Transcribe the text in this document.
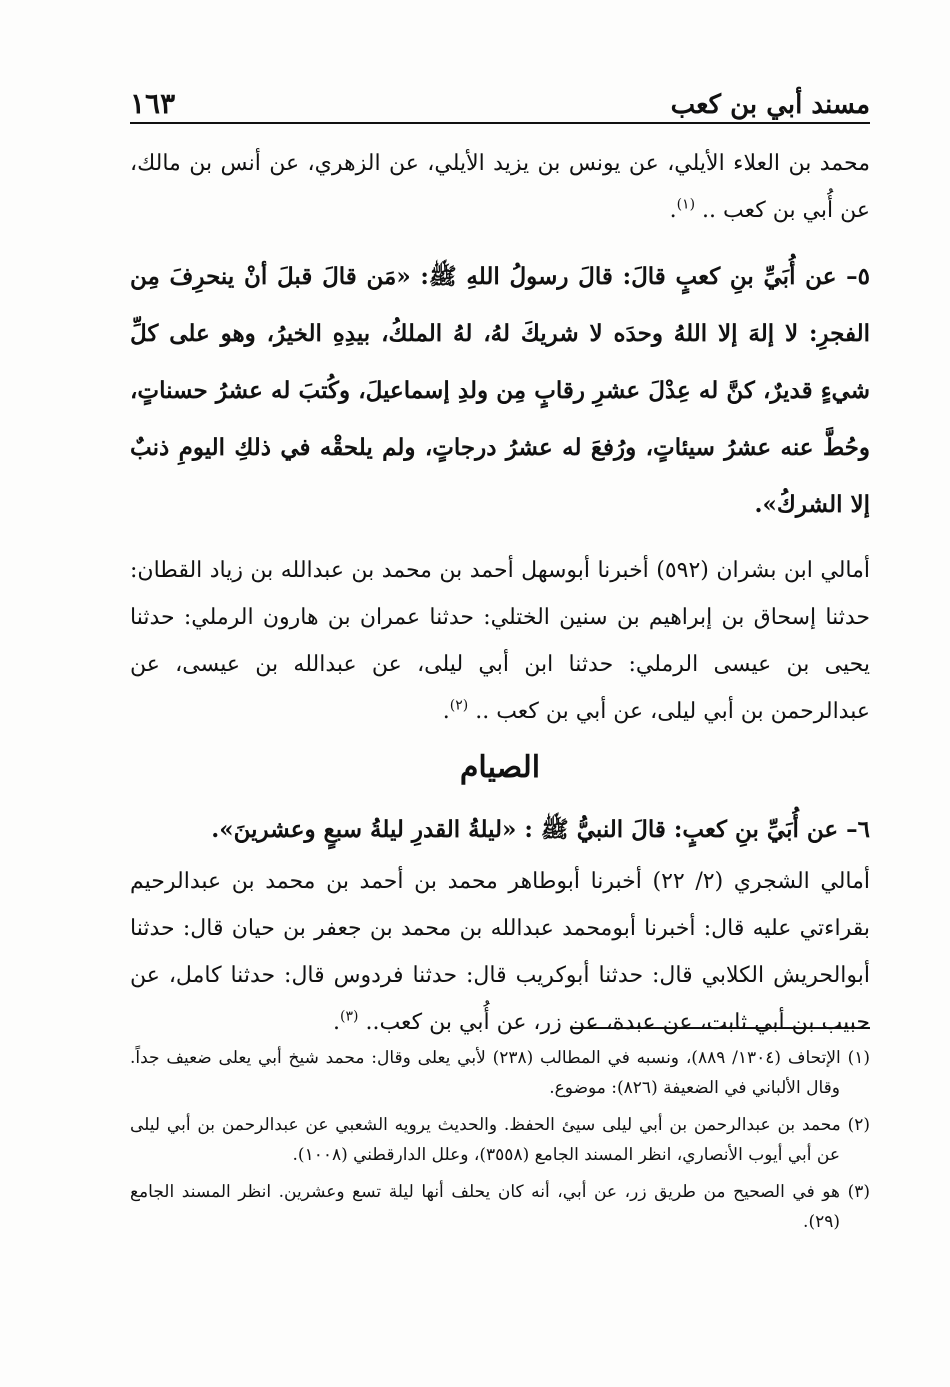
مسند أبي بن كعب
١٦٣

محمد بن العلاء الأيلي، عن يونس بن يزيد الأيلي، عن الزهري، عن أنس بن مالك، عن أُبي بن كعب .. $^{(١)}$.

٥– عن أُبَيِّ بنِ كعبٍ قالَ: قالَ رسولُ اللهِ ﷺ: «مَن قالَ قبلَ أنْ ينحرِفَ مِن الفجرِ: لا إلهَ إلا اللهُ وحدَه لا شريكَ لهُ، لهُ الملكُ، بيدِهِ الخيرُ، وهو على كلِّ شيءٍ قديرٌ، كنَّ له عِدْلَ عشرِ رقابٍ مِن ولدِ إسماعيلَ، وكُتبَ له عشرُ حسناتٍ، وحُطَّ عنه عشرُ سيئاتٍ، ورُفعَ له عشرُ درجاتٍ، ولم يلحقْه في ذلكِ اليومِ ذنبٌ إلا الشركُ».

أمالي ابن بشران (٥٩٢) أخبرنا أبوسهل أحمد بن محمد بن عبدالله بن زياد القطان: حدثنا إسحاق بن إبراهيم بن سنين الختلي: حدثنا عمران بن هارون الرملي: حدثنا يحيى بن عيسى الرملي: حدثنا ابن أبي ليلى، عن عبدالله بن عيسى، عن عبدالرحمن بن أبي ليلى، عن أبي بن كعب .. $^{(٢)}$.

الصيام

٦– عن أُبَيِّ بنِ كعبٍ: قالَ النبيُّ ﷺ : «ليلةُ القدرِ ليلةُ سبعٍ وعشرينَ».

أمالي الشجري (٢/ ٢٢) أخبرنا أبوطاهر محمد بن أحمد بن محمد بن عبدالرحيم بقراءتي عليه قال: أخبرنا أبومحمد عبدالله بن محمد بن جعفر بن حيان قال: حدثنا أبوالحريش الكلابي قال: حدثنا أبوكريب قال: حدثنا فردوس قال: حدثنا كامل، عن حبيب بن أبي ثابت، عن عبدة، عن زر، عن أُبي بن كعب.. $^{(٣)}$.

(١) الإتحاف (١٣٠٤/ ٨٨٩)، ونسبه في المطالب (٢٣٨) لأبي يعلى وقال: محمد شيخ أبي يعلى ضعيف جداً. وقال الألباني في الضعيفة (٨٢٦): موضوع.

(٢) محمد بن عبدالرحمن بن أبي ليلى سيئ الحفظ. والحديث يرويه الشعبي عن عبدالرحمن بن أبي ليلى عن أبي أيوب الأنصاري، انظر المسند الجامع (٣٥٥٨)، وعلل الدارقطني (١٠٠٨).

(٣) هو في الصحيح من طريق زر، عن أبي، أنه كان يحلف أنها ليلة تسع وعشرين. انظر المسند الجامع (٢٩).
